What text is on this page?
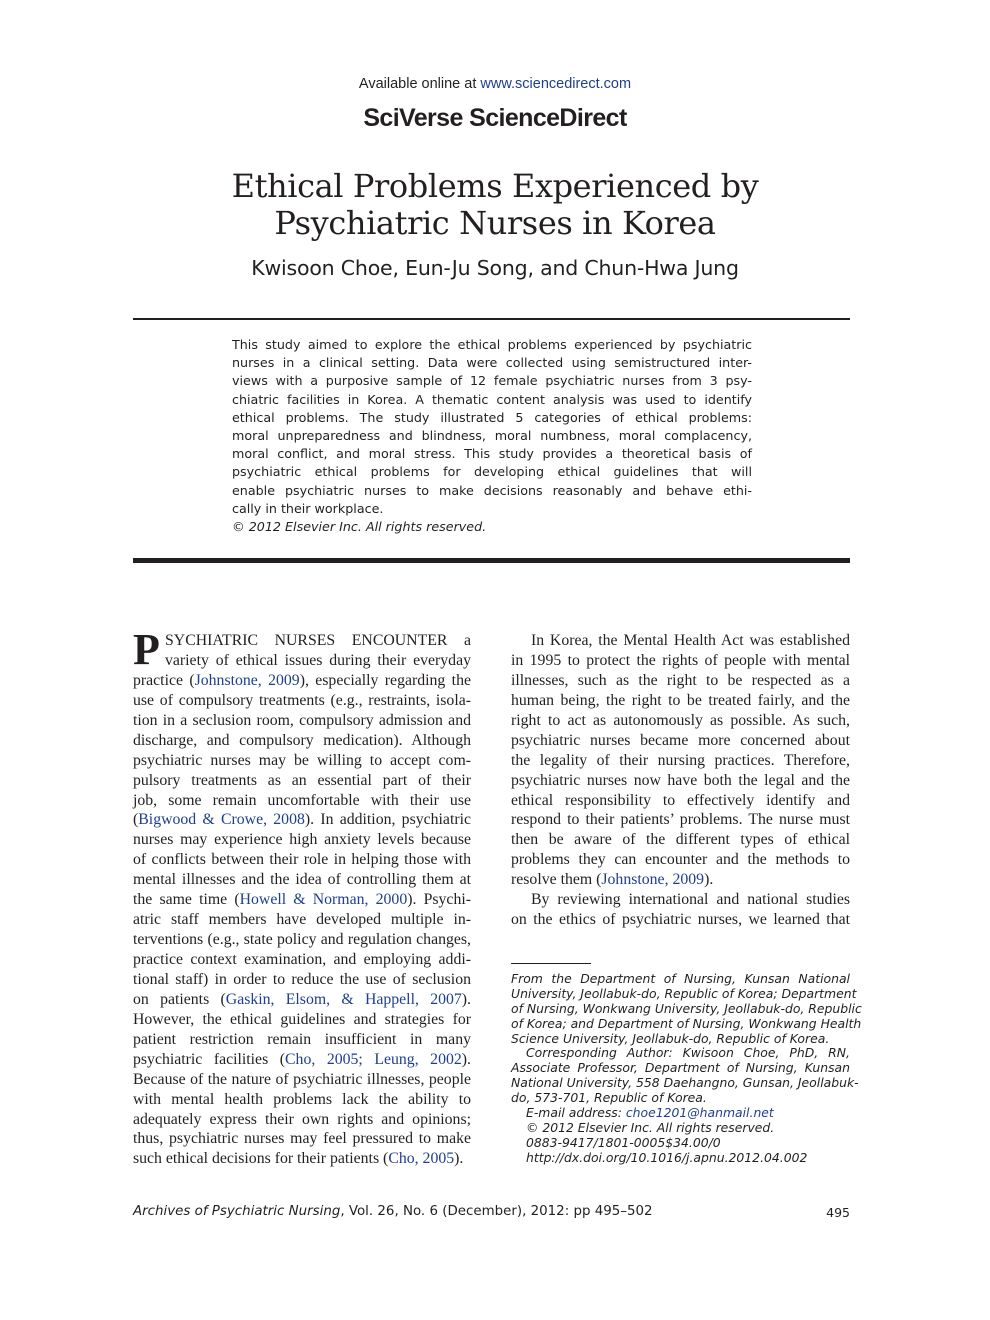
Available online at www.sciencedirect.com
SciVerse ScienceDirect
Ethical Problems Experienced by
Psychiatric Nurses in Korea
Kwisoon Choe, Eun-Ju Song, and Chun-Hwa Jung
This study aimed to explore the ethical problems experienced by psychiatric
nurses in a clinical setting. Data were collected using semistructured inter-
views with a purposive sample of 12 female psychiatric nurses from 3 psy-
chiatric facilities in Korea. A thematic content analysis was used to identify
ethical problems. The study illustrated 5 categories of ethical problems:
moral unpreparedness and blindness, moral numbness, moral complacency,
moral conflict, and moral stress. This study provides a theoretical basis of
psychiatric ethical problems for developing ethical guidelines that will
enable psychiatric nurses to make decisions reasonably and behave ethi-
cally in their workplace.
© 2012 Elsevier Inc. All rights reserved.
P SYCHIATRIC NURSES ENCOUNTER a
variety of ethical issues during their everyday
practice (Johnstone, 2009), especially regarding the
use of compulsory treatments (e.g., restraints, isola-
tion in a seclusion room, compulsory admission and
discharge, and compulsory medication). Although
psychiatric nurses may be willing to accept com-
pulsory treatments as an essential part of their
job, some remain uncomfortable with their use
(Bigwood & Crowe, 2008). In addition, psychiatric
nurses may experience high anxiety levels because
of conflicts between their role in helping those with
mental illnesses and the idea of controlling them at
the same time (Howell & Norman, 2000). Psychi-
atric staff members have developed multiple in-
terventions (e.g., state policy and regulation changes,
practice context examination, and employing addi-
tional staff) in order to reduce the use of seclusion
on patients (Gaskin, Elsom, & Happell, 2007).
However, the ethical guidelines and strategies for
patient restriction remain insufficient in many
psychiatric facilities (Cho, 2005; Leung, 2002).
Because of the nature of psychiatric illnesses, people
with mental health problems lack the ability to
adequately express their own rights and opinions;
thus, psychiatric nurses may feel pressured to make
such ethical decisions for their patients (Cho, 2005).
In Korea, the Mental Health Act was established
in 1995 to protect the rights of people with mental
illnesses, such as the right to be respected as a
human being, the right to be treated fairly, and the
right to act as autonomously as possible. As such,
psychiatric nurses became more concerned about
the legality of their nursing practices. Therefore,
psychiatric nurses now have both the legal and the
ethical responsibility to effectively identify and
respond to their patients’ problems. The nurse must
then be aware of the different types of ethical
problems they can encounter and the methods to
resolve them (Johnstone, 2009).
By reviewing international and national studies
on the ethics of psychiatric nurses, we learned that
From the Department of Nursing, Kunsan National
University, Jeollabuk-do, Republic of Korea; Department
of Nursing, Wonkwang University, Jeollabuk-do, Republic
of Korea; and Department of Nursing, Wonkwang Health
Science University, Jeollabuk-do, Republic of Korea.
Corresponding Author: Kwisoon Choe, PhD, RN,
Associate Professor, Department of Nursing, Kunsan
National University, 558 Daehangno, Gunsan, Jeollabuk-
do, 573-701, Republic of Korea.
E-mail address: choe1201@hanmail.net
© 2012 Elsevier Inc. All rights reserved.
0883-9417/1801-0005$34.00/0
http://dx.doi.org/10.1016/j.apnu.2012.04.002
Archives of Psychiatric Nursing, Vol. 26, No. 6 (December), 2012: pp 495–502	495
